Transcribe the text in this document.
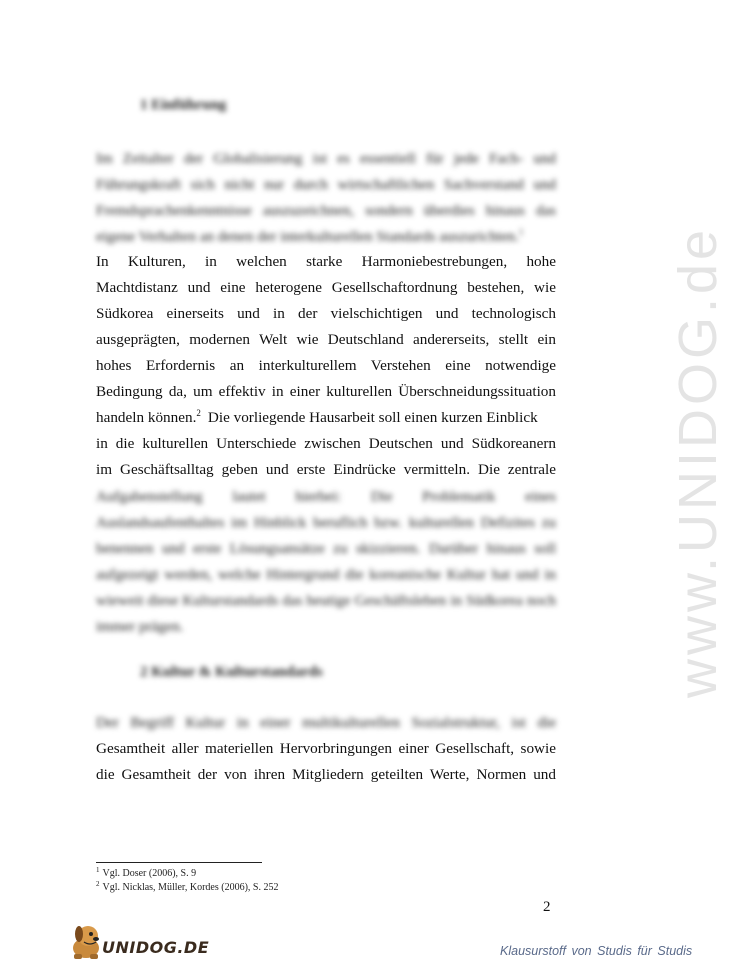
www.UNIDOG.de
1 Einführung

Im Zeitalter der Globalisierung ist es essentiell für jede Fach- und Führungskraft sich nicht nur durch wirtschaftlichen Sachverstand und Fremdsprachenkenntnisse auszuzeichnen, sondern überdies hinaus das eigene Verhalten an denen der interkulturellen Standards auszurichten.$^1$

In Kulturen, in welchen starke Harmoniebestrebungen, hohe
Machtdistanz und eine heterogene Gesellschaftordnung bestehen, wie
Südkorea einerseits und in der vielschichtigen und technologisch
ausgeprägten, modernen Welt wie Deutschland andererseits, stellt ein
hohes Erfordernis an interkulturellem Verstehen eine notwendige
Bedingung da, um effektiv in einer kulturellen Überschneidungssituation
handeln können.$^2$ Die vorliegende Hausarbeit soll einen kurzen Einblick
in die kulturellen Unterschiede zwischen Deutschen und Südkoreanern
im Geschäftsalltag geben und erste Eindrücke vermitteln. Die zentrale

Aufgabenstellung lautet hierbei: Die Problematik eines Auslandsaufenthaltes im Hinblick beruflich bzw. kulturellen Defizites zu benennen und erste Lösungsansätze zu skizzieren. Darüber hinaus soll aufgezeigt werden, welche Hintergrund die koreanische Kultur hat und in wieweit diese Kulturstandards das heutige Geschäftsleben in Südkorea noch immer prägen.

2 Kultur & Kulturstandards
Der Begriff Kultur in einer multikulturellen Sozialstruktur, ist die
Gesamtheit aller materiellen Hervorbringungen einer Gesellschaft, sowie
die Gesamtheit der von ihren Mitgliedern geteilten Werte, Normen und
$^1$ Vgl. Doser (2006), S. 9
$^2$ Vgl. Nicklas, Müller, Kordes (2006), S. 252
2
UNIDOG.DE	Klausurstoff von Studis für Studis
